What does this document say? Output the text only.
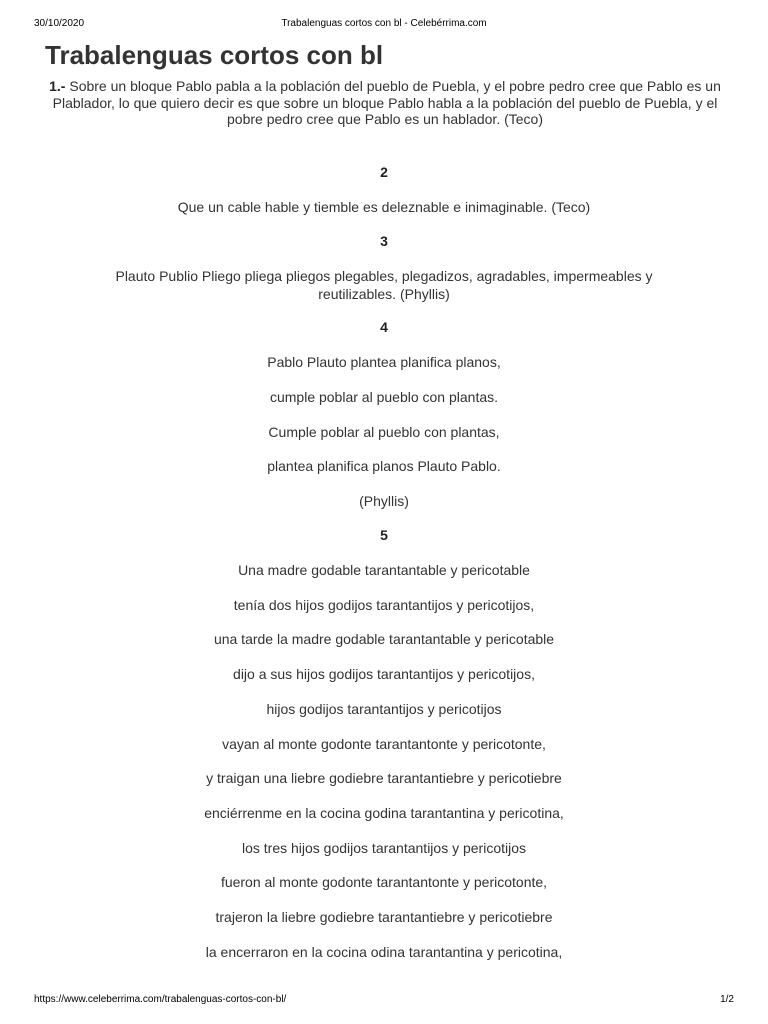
30/10/2020	Trabalenguas cortos con bl - Celebérrima.com
Trabalenguas cortos con bl

1.- Sobre un bloque Pablo pabla a la población del pueblo de Puebla, y el pobre pedro cree que Pablo es un Plablador, lo que quiero decir es que sobre un bloque Pablo habla a la población del pueblo de Puebla, y el pobre pedro cree que Pablo es un hablador. (Teco)

2

Que un cable hable y tiemble es deleznable e inimaginable. (Teco)

3

Plauto Publio Pliego pliega pliegos plegables, plegadizos, agradables, impermeables y

reutilizables. (Phyllis)

4

Pablo Plauto plantea planifica planos,

cumple poblar al pueblo con plantas.

Cumple poblar al pueblo con plantas,

plantea planifica planos Plauto Pablo.

(Phyllis)

5

Una madre godable tarantantable y pericotable

tenía dos hijos godijos tarantantijos y pericotijos,

una tarde la madre godable tarantantable y pericotable

dijo a sus hijos godijos tarantantijos y pericotijos,

hijos godijos tarantantijos y pericotijos

vayan al monte godonte tarantantonte y pericotonte,

y traigan una liebre godiebre tarantantiebre y pericotiebre

enciérrenme en la cocina godina tarantantina y pericotina,

los tres hijos godijos tarantantijos y pericotijos

fueron al monte godonte tarantantonte y pericotonte,

trajeron la liebre godiebre tarantantiebre y pericotiebre

la encerraron en la cocina odina tarantantina y pericotina,

https://www.celeberrima.com/trabalenguas-cortos-con-bl/	1/2
